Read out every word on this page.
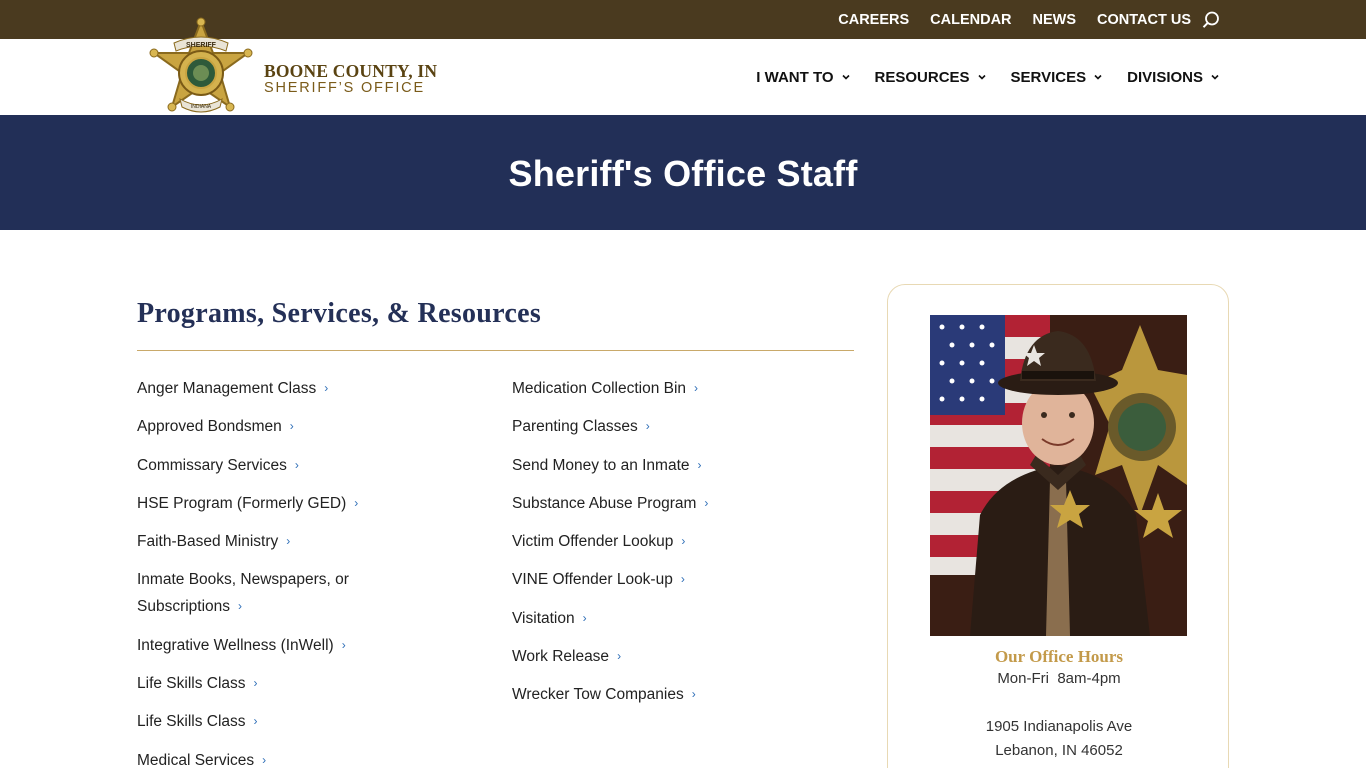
CAREERS CALENDAR NEWS CONTACT US
SHERIFF
INDIANA
BOONE COUNTY, IN
SHERIFF’S OFFICE
I WANT TO	RESOURCES	SERVICES	DIVISIONS
Sheriff's Office Staff
Programs, Services, & Resources
Anger Management Class ›
Approved Bondsmen ›
Commissary Services ›
HSE Program (Formerly GED) ›
Faith-Based Ministry ›
Inmate Books, Newspapers, or Subscriptions ›
Integrative Wellness (InWell) ›
Life Skills Class ›
Life Skills Class ›
Medical Services ›
Medication Collection Bin ›
Parenting Classes ›
Send Money to an Inmate ›
Substance Abuse Program ›
Victim Offender Lookup ›
VINE Offender Look-up ›
Visitation ›
Work Release ›
Wrecker Tow Companies ›
Our Office Hours
Mon-Fri  8am-4pm
1905 Indianapolis Ave
Lebanon, IN 46052
